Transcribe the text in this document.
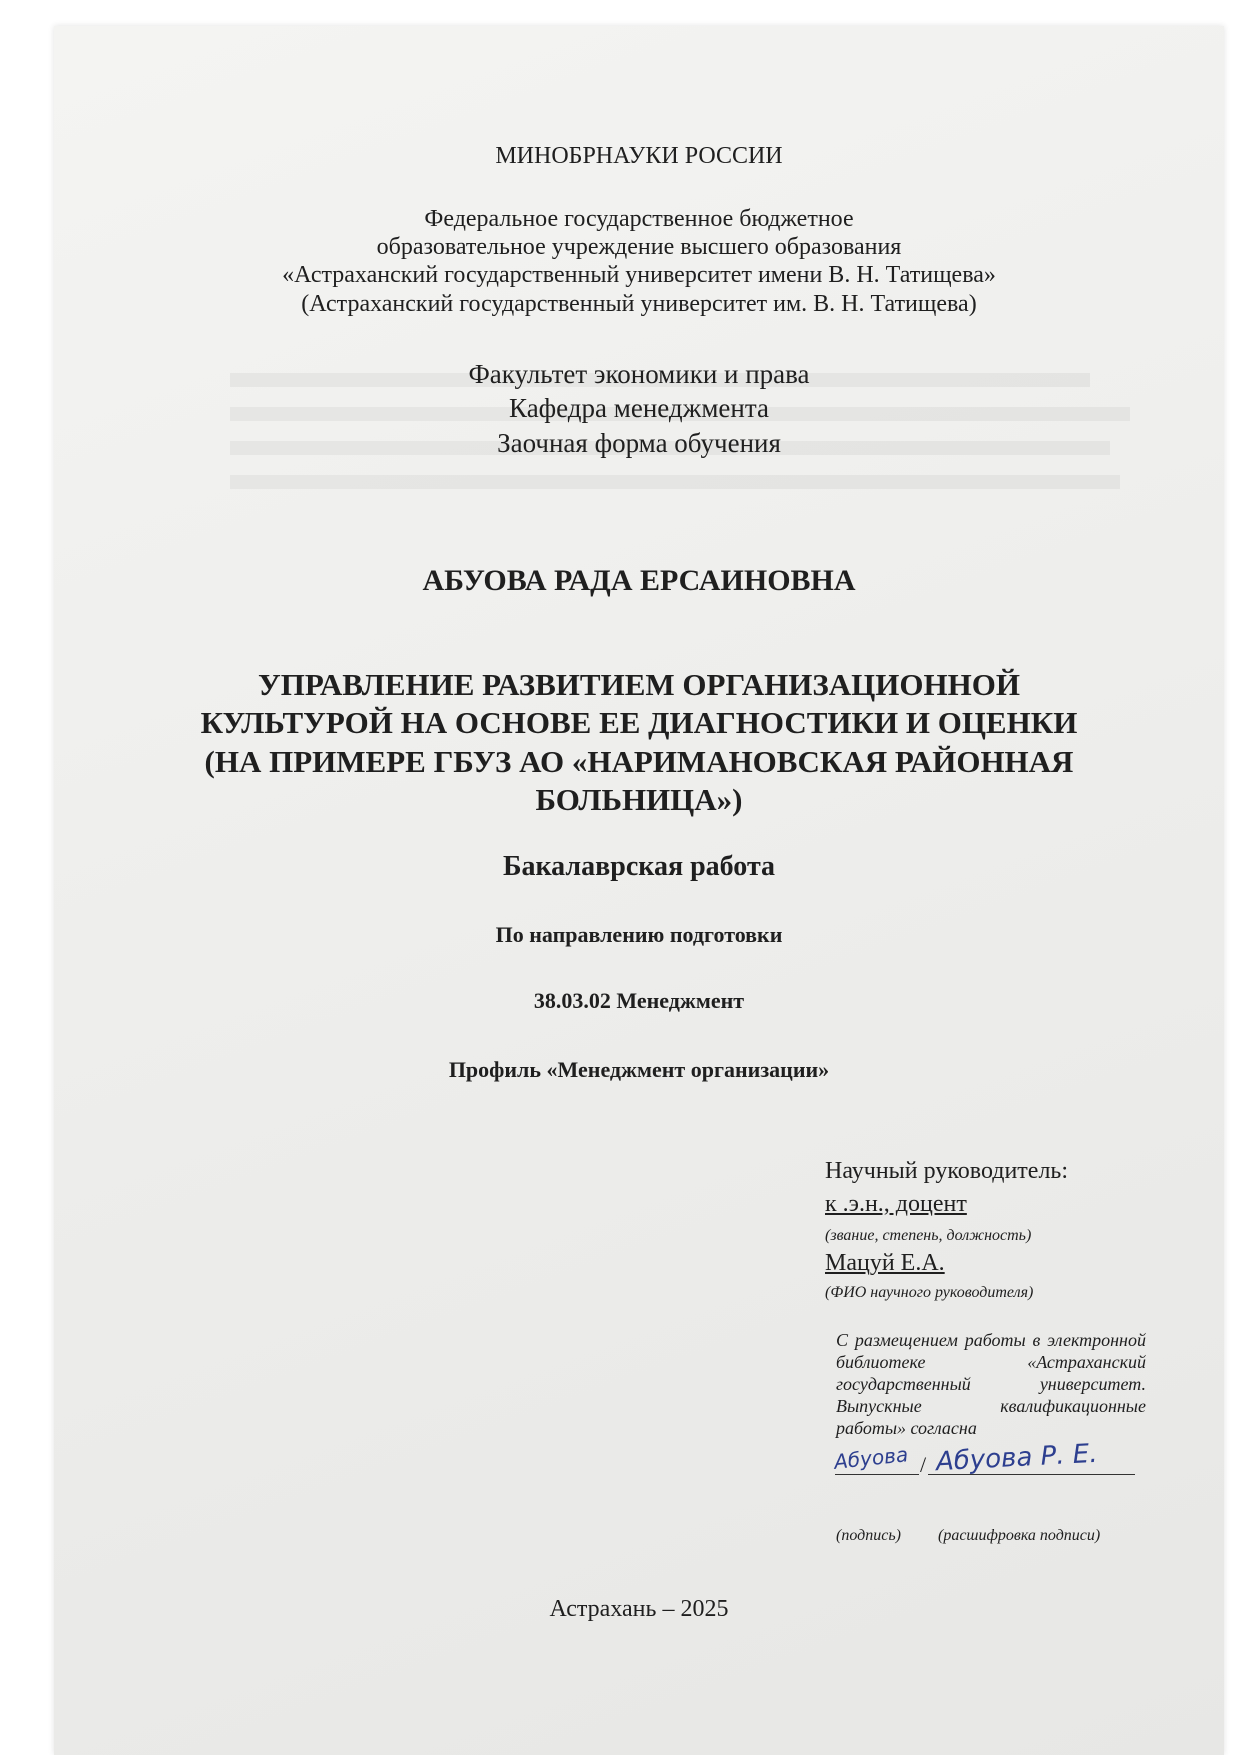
МИНОБРНАУКИ РОССИИ
Федеральное государственное бюджетное
образовательное учреждение высшего образования
«Астраханский государственный университет имени В. Н. Татищева»
(Астраханский государственный университет им. В. Н. Татищева)
Факультет экономики и права
Кафедра менеджмента
Заочная форма обучения
АБУОВА РАДА ЕРСАИНОВНА
УПРАВЛЕНИЕ РАЗВИТИЕМ ОРГАНИЗАЦИОННОЙ
КУЛЬТУРОЙ НА ОСНОВЕ ЕЕ ДИАГНОСТИКИ И ОЦЕНКИ
(НА ПРИМЕРЕ ГБУЗ АО «НАРИМАНОВСКАЯ РАЙОННАЯ
БОЛЬНИЦА»)
Бакалаврская работа
По направлению подготовки
38.03.02 Менеджмент
Профиль «Менеджмент организации»
Научный руководитель:
к .э.н., доцент
(звание, степень, должность)
Мацуй Е.А.
(ФИО научного руководителя)
С размещением работы в электронной библиотеке «Астраханский государственный университет. Выпускные квалификационные работы» согласна
/
Абуова Абуова Р. Е.
(подпись) (расшифровка подписи)
Астрахань – 2025
